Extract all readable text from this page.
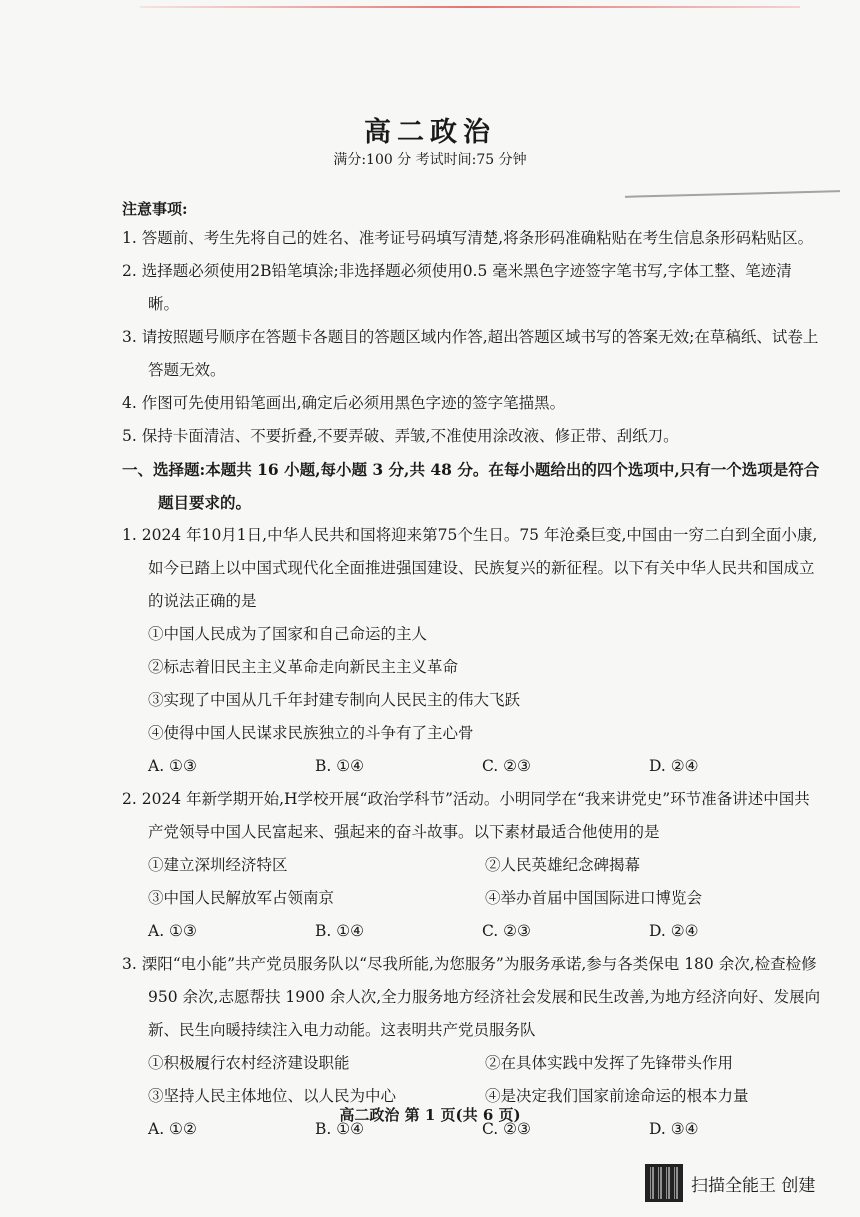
高二政治
满分:100 分 考试时间:75 分钟
注意事项:
1. 答题前、考生先将自己的姓名、准考证号码填写清楚,将条形码准确粘贴在考生信息条形码粘贴区。
2. 选择题必须使用2B铅笔填涂;非选择题必须使用0.5 毫米黑色字迹签字笔书写,字体工整、笔迹清晰。
3. 请按照题号顺序在答题卡各题目的答题区域内作答,超出答题区域书写的答案无效;在草稿纸、试卷上答题无效。
4. 作图可先使用铅笔画出,确定后必须用黑色字迹的签字笔描黑。
5. 保持卡面清洁、不要折叠,不要弄破、弄皱,不准使用涂改液、修正带、刮纸刀。
一、选择题:本题共 16 小题,每小题 3 分,共 48 分。在每小题给出的四个选项中,只有一个选项是符合题目要求的。
1. 2024 年10月1日,中华人民共和国将迎来第75个生日。75 年沧桑巨变,中国由一穷二白到全面小康,如今已踏上以中国式现代化全面推进强国建设、民族复兴的新征程。以下有关中华人民共和国成立的说法正确的是
①中国人民成为了国家和自己命运的主人
②标志着旧民主主义革命走向新民主主义革命
③实现了中国从几千年封建专制向人民民主的伟大飞跃
④使得中国人民谋求民族独立的斗争有了主心骨
A. ①③	B. ①④	C. ②③	D. ②④
2. 2024 年新学期开始,H学校开展“政治学科节”活动。小明同学在“我来讲党史”环节准备讲述中国共产党领导中国人民富起来、强起来的奋斗故事。以下素材最适合他使用的是
①建立深圳经济特区	②人民英雄纪念碑揭幕
③中国人民解放军占领南京	④举办首届中国国际进口博览会
A. ①③	B. ①④	C. ②③	D. ②④
3. 溧阳“电小能”共产党员服务队以“尽我所能,为您服务”为服务承诺,参与各类保电 180 余次,检查检修 950 余次,志愿帮扶 1900 余人次,全力服务地方经济社会发展和民生改善,为地方经济向好、发展向新、民生向暖持续注入电力动能。这表明共产党员服务队
①积极履行农村经济建设职能	②在具体实践中发挥了先锋带头作用
③坚持人民主体地位、以人民为中心	④是决定我们国家前途命运的根本力量
A. ①②	B. ①④	C. ②③	D. ③④
高二政治 第 1 页(共 6 页)
扫描全能王 创建
